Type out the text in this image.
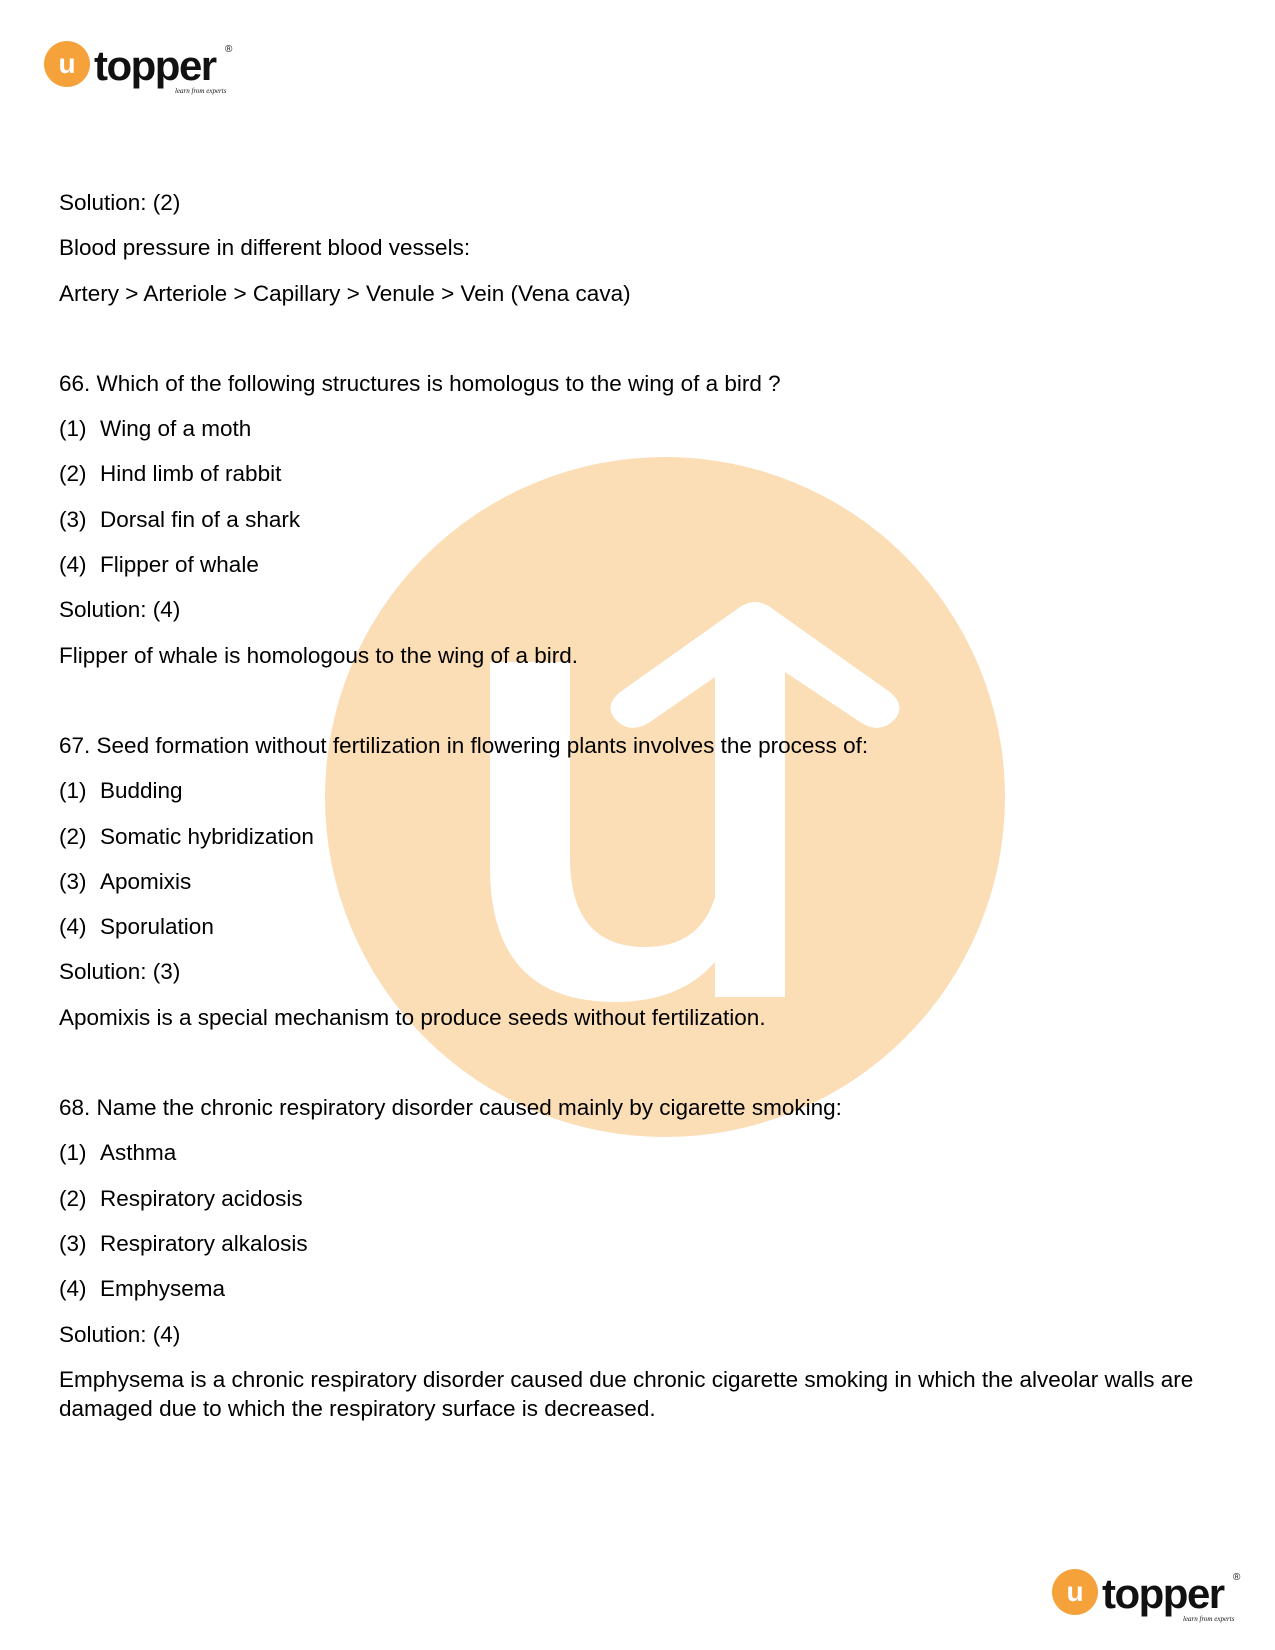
u topper ®
learn from experts

Solution: (2)

Blood pressure in different blood vessels:

Artery > Arteriole > Capillary > Venule > Vein (Vena cava)

66. Which of the following structures is homologus to the wing of a bird ?

(1) Wing of a moth

(2) Hind limb of rabbit

(3) Dorsal fin of a shark

(4) Flipper of whale

Solution: (4)

Flipper of whale is homologous to the wing of a bird.

67. Seed formation without fertilization in flowering plants involves the process of:

(1) Budding

(2) Somatic hybridization

(3) Apomixis

(4) Sporulation

Solution: (3)

Apomixis is a special mechanism to produce seeds without fertilization.

68. Name the chronic respiratory disorder caused mainly by cigarette smoking:

(1) Asthma

(2) Respiratory acidosis

(3) Respiratory alkalosis

(4) Emphysema

Solution: (4)

Emphysema is a chronic respiratory disorder caused due chronic cigarette smoking in which the alveolar walls are damaged due to which the respiratory surface is decreased.

u topper ®
learn from experts
